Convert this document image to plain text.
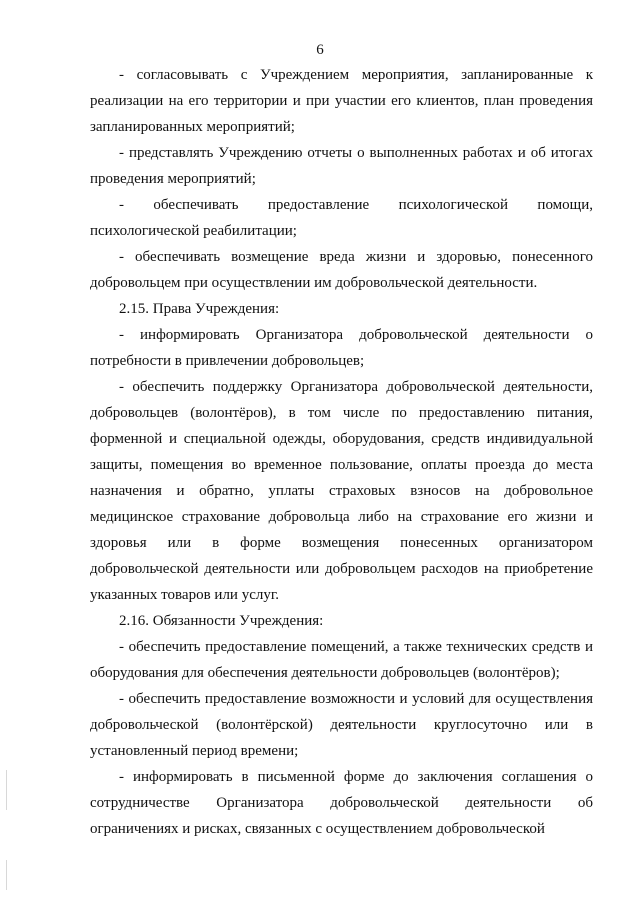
6

- согласовывать с Учреждением мероприятия, запланированные к реализации на его территории и при участии его клиентов, план проведения запланированных мероприятий;

- представлять Учреждению отчеты о выполненных работах и об итогах проведения мероприятий;

- обеспечивать предоставление психологической помощи, психологической реабилитации;

- обеспечивать возмещение вреда жизни и здоровью, понесенного добровольцем при осуществлении им добровольческой деятельности.

2.15. Права Учреждения:

- информировать Организатора добровольческой деятельности о потребности в привлечении добровольцев;

- обеспечить поддержку Организатора добровольческой деятельности, добровольцев (волонтёров), в том числе по предоставлению питания, форменной и специальной одежды, оборудования, средств индивидуальной защиты, помещения во временное пользование, оплаты проезда до места назначения и обратно, уплаты страховых взносов на добровольное медицинское страхование добровольца либо на страхование его жизни и здоровья или в форме возмещения понесенных организатором добровольческой деятельности или добровольцем расходов на приобретение указанных товаров или услуг.

2.16. Обязанности Учреждения:

- обеспечить предоставление помещений, а также технических средств и оборудования для обеспечения деятельности добровольцев (волонтёров);

- обеспечить предоставление возможности и условий для осуществления добровольческой (волонтёрской) деятельности круглосуточно или в установленный период времени;

- информировать в письменной форме до заключения соглашения о сотрудничестве Организатора добровольческой деятельности об ограничениях и рисках, связанных с осуществлением добровольческой
